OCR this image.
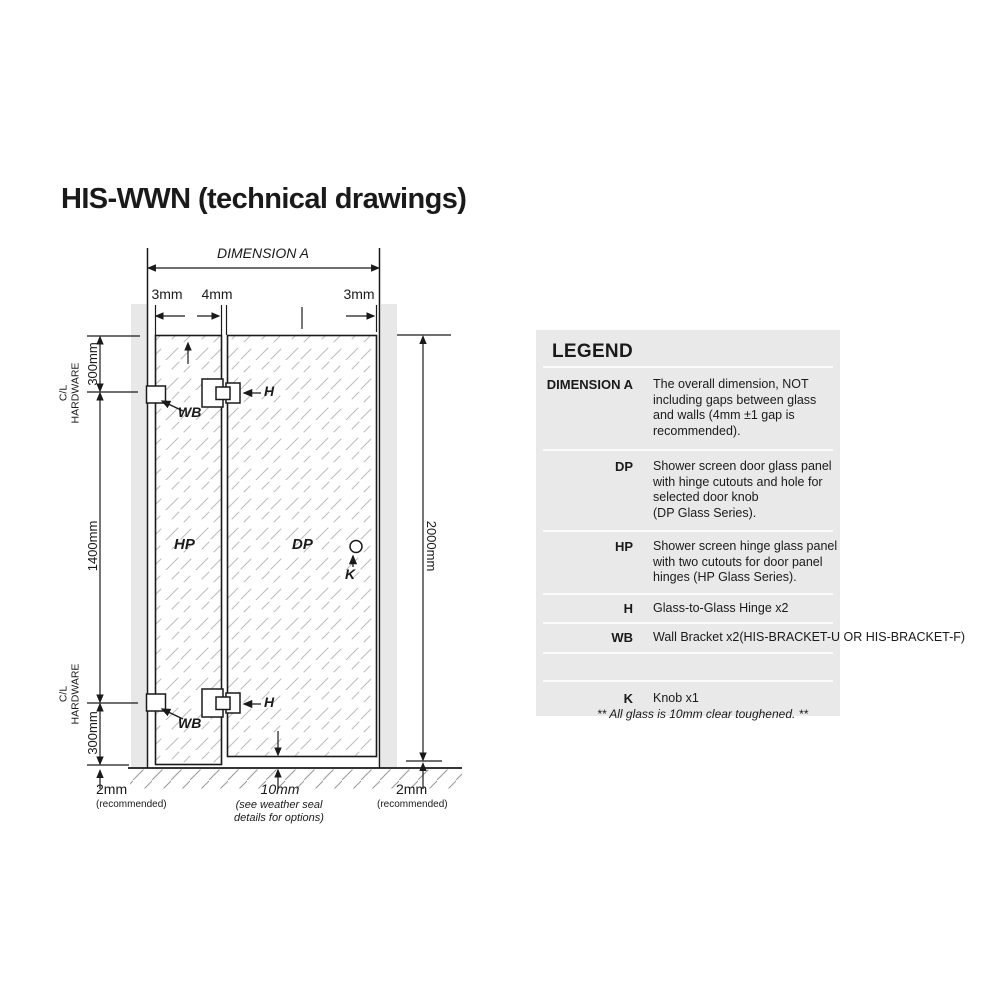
HIS-WWN (technical drawings)
DIMENSION A
3mm 4mm	3mm
300mm
1400mm
300mm
2000mm
C/L HARDWARE
C/L HARDWARE
HP	DP
K
H
H
WB
WB
2mm
(recommended)
10mm
(see weather seal
details for options)
2mm
(recommended)
LEGEND
DIMENSION A The overall dimension, NOT
including gaps between glass
and walls (4mm ±1 gap is
recommended).
DP Shower screen door glass panel
with hinge cutouts and hole for
selected door knob
(DP Glass Series).
HP Shower screen hinge glass panel
with two cutouts for door panel
hinges (HP Glass Series).
H Glass-to-Glass Hinge x2
WB Wall Bracket x2(HIS-BRACKET-U OR HIS-BRACKET-F)
K Knob x1
** All glass is 10mm clear toughened. **
